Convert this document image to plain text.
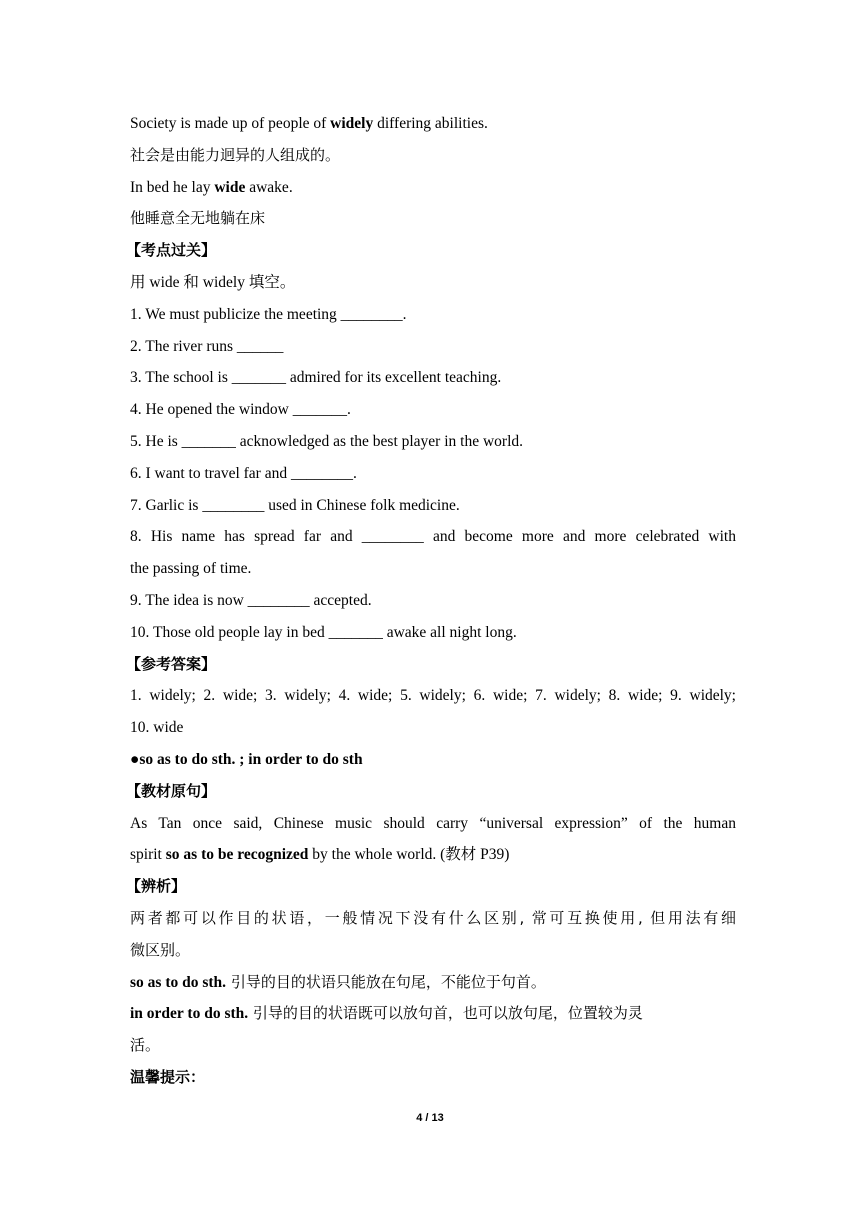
Society is made up of people of widely differing abilities.
社会是由能力迥异的人组成的。
In bed he lay wide awake.
他睡意全无地躺在床
【考点过关】
用 wide 和 widely 填空。
1. We must publicize the meeting ________.
2. The river runs ______
3. The school is _______ admired for its excellent teaching.
4. He opened the window _______.
5. He is _______ acknowledged as the best player in the world.
6. I want to travel far and ________.
7. Garlic is ________ used in Chinese folk medicine.
8. His name has spread far and ________ and become more and more celebrated with
the passing of time.
9. The idea is now ________ accepted.
10. Those old people lay in bed _______ awake all night long.
【参考答案】
1. widely; 2. wide; 3. widely; 4. wide; 5. widely; 6. wide; 7. widely; 8. wide; 9. widely;
10. wide
●so as to do sth. ; in order to do sth
【教材原句】
As Tan once said, Chinese music should carry “universal expression” of the human
spirit so as to be recognized by the whole world. (教材 P39)
【辨析】
两者都可以作目的状语，一般情况下没有什么区别, 常可互换使用, 但用法有细
微区别。
so as to do sth. 引导的目的状语只能放在句尾，不能位于句首。
in order to do sth. 引导的目的状语既可以放句首，也可以放句尾，位置较为灵
活。
温馨提示：
4 / 13
